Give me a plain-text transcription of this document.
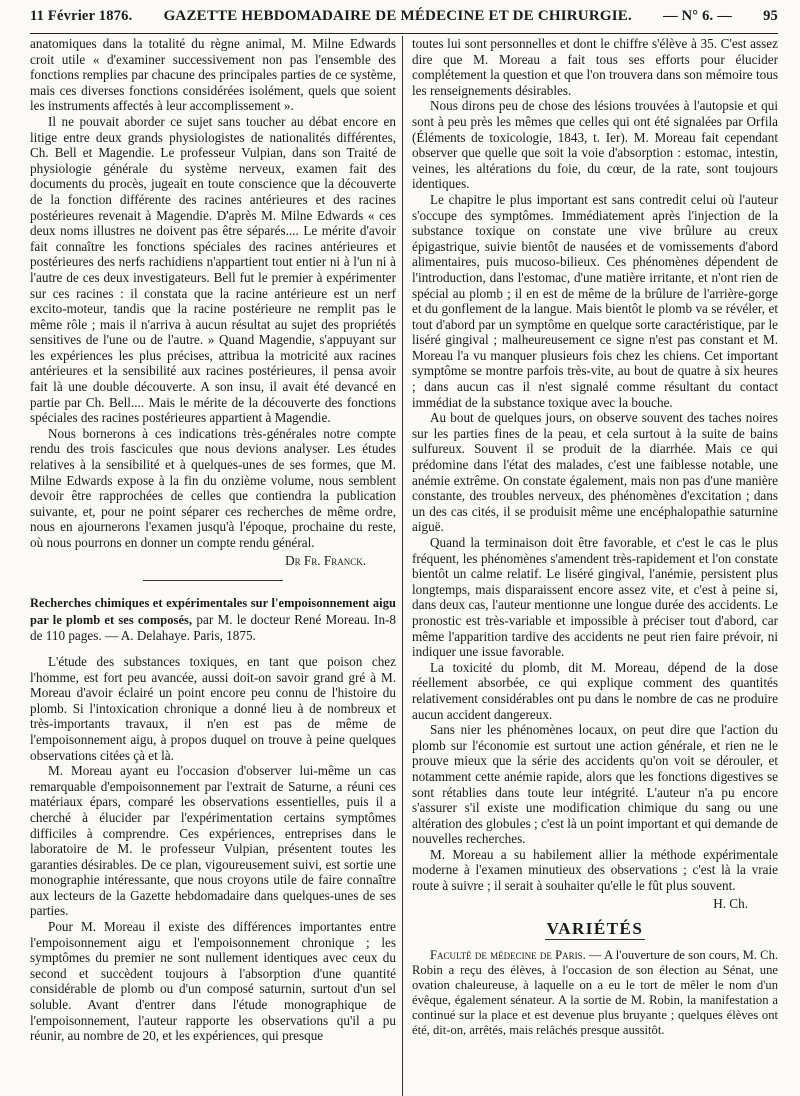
11 Février 1876. GAZETTE HEBDOMADAIRE DE MÉDECINE ET DE CHIRURGIE. — N° 6. — 95

anatomiques dans la totalité du règne animal, M. Milne Edwards croit utile « d'examiner successivement non pas l'ensemble des fonctions remplies par chacune des principales parties de ce système, mais ces diverses fonctions considérées isolément, quels que soient les instruments affectés à leur accomplissement ».

Il ne pouvait aborder ce sujet sans toucher au débat encore en litige entre deux grands physiologistes de nationalités différentes, Ch. Bell et Magendie. Le professeur Vulpian, dans son Traité de physiologie générale du système nerveux, examen fait des documents du procès, jugeait en toute conscience que la découverte de la fonction différente des racines antérieures et des racines postérieures revenait à Magendie. D'après M. Milne Edwards « ces deux noms illustres ne doivent pas être séparés.... Le mérite d'avoir fait connaître les fonctions spéciales des racines antérieures et postérieures des nerfs rachidiens n'appartient tout entier ni à l'un ni à l'autre de ces deux investigateurs. Bell fut le premier à expérimenter sur ces racines : il constata que la racine antérieure est un nerf excito-moteur, tandis que la racine postérieure ne remplit pas le même rôle ; mais il n'arriva à aucun résultat au sujet des propriétés sensitives de l'une ou de l'autre. » Quand Magendie, s'appuyant sur les expériences les plus précises, attribua la motricité aux racines antérieures et la sensibilité aux racines postérieures, il pensa avoir fait là une double découverte. A son insu, il avait été devancé en partie par Ch. Bell.... Mais le mérite de la découverte des fonctions spéciales des racines postérieures appartient à Magendie.

Nous bornerons à ces indications très-générales notre compte rendu des trois fascicules que nous devions analyser. Les études relatives à la sensibilité et à quelques-unes de ses formes, que M. Milne Edwards expose à la fin du onzième volume, nous semblent devoir être rapprochées de celles que contiendra la publication suivante, et, pour ne point séparer ces recherches de même ordre, nous en ajournerons l'examen jusqu'à l'époque, prochaine du reste, où nous pourrons en donner un compte rendu général.

Dr Fr. Franck.

Recherches chimiques et expérimentales sur l'empoisonnement aigu par le plomb et ses composés, par M. le docteur René Moreau. In-8 de 110 pages. — A. Delahaye. Paris, 1875.

L'étude des substances toxiques, en tant que poison chez l'homme, est fort peu avancée, aussi doit-on savoir grand gré à M. Moreau d'avoir éclairé un point encore peu connu de l'histoire du plomb. Si l'intoxication chronique a donné lieu à de nombreux et très-importants travaux, il n'en est pas de même de l'empoisonnement aigu, à propos duquel on trouve à peine quelques observations citées çà et là.

M. Moreau ayant eu l'occasion d'observer lui-même un cas remarquable d'empoisonnement par l'extrait de Saturne, a réuni ces matériaux épars, comparé les observations essentielles, puis il a cherché à élucider par l'expérimentation certains symptômes difficiles à comprendre. Ces expériences, entreprises dans le laboratoire de M. le professeur Vulpian, présentent toutes les garanties désirables. De ce plan, vigoureusement suivi, est sortie une monographie intéressante, que nous croyons utile de faire connaître aux lecteurs de la Gazette hebdomadaire dans quelques-unes de ses parties.

Pour M. Moreau il existe des différences importantes entre l'empoisonnement aigu et l'empoisonnement chronique ; les symptômes du premier ne sont nullement identiques avec ceux du second et succèdent toujours à l'absorption d'une quantité considérable de plomb ou d'un composé saturnin, surtout d'un sel soluble. Avant d'entrer dans l'étude monographique de l'empoisonnement, l'auteur rapporte les observations qu'il a pu réunir, au nombre de 20, et les expériences, qui presque

toutes lui sont personnelles et dont le chiffre s'élève à 35. C'est assez dire que M. Moreau a fait tous ses efforts pour élucider complétement la question et que l'on trouvera dans son mémoire tous les renseignements désirables.

Nous dirons peu de chose des lésions trouvées à l'autopsie et qui sont à peu près les mêmes que celles qui ont été signalées par Orfila (Éléments de toxicologie, 1843, t. Ier). M. Moreau fait cependant observer que quelle que soit la voie d'absorption : estomac, intestin, veines, les altérations du foie, du cœur, de la rate, sont toujours identiques.

Le chapitre le plus important est sans contredit celui où l'auteur s'occupe des symptômes. Immédiatement après l'injection de la substance toxique on constate une vive brûlure au creux épigastrique, suivie bientôt de nausées et de vomissements d'abord alimentaires, puis mucoso-bilieux. Ces phénomènes dépendent de l'introduction, dans l'estomac, d'une matière irritante, et n'ont rien de spécial au plomb ; il en est de même de la brûlure de l'arrière-gorge et du gonflement de la langue. Mais bientôt le plomb va se révéler, et tout d'abord par un symptôme en quelque sorte caractéristique, par le liséré gingival ; malheureusement ce signe n'est pas constant et M. Moreau l'a vu manquer plusieurs fois chez les chiens. Cet important symptôme se montre parfois très-vite, au bout de quatre à six heures ; dans aucun cas il n'est signalé comme résultant du contact immédiat de la substance toxique avec la bouche.

Au bout de quelques jours, on observe souvent des taches noires sur les parties fines de la peau, et cela surtout à la suite de bains sulfureux. Souvent il se produit de la diarrhée. Mais ce qui prédomine dans l'état des malades, c'est une faiblesse notable, une anémie extrême. On constate également, mais non pas d'une manière constante, des troubles nerveux, des phénomènes d'excitation ; dans un des cas cités, il se produisit même une encéphalopathie saturnine aiguë.

Quand la terminaison doit être favorable, et c'est le cas le plus fréquent, les phénomènes s'amendent très-rapidement et l'on constate bientôt un calme relatif. Le liséré gingival, l'anémie, persistent plus longtemps, mais disparaissent encore assez vite, et c'est à peine si, dans deux cas, l'auteur mentionne une longue durée des accidents. Le pronostic est très-variable et impossible à préciser tout d'abord, car même l'apparition tardive des accidents ne peut rien faire prévoir, ni indiquer une issue favorable.

La toxicité du plomb, dit M. Moreau, dépend de la dose réellement absorbée, ce qui explique comment des quantités relativement considérables ont pu dans le nombre de cas ne produire aucun accident dangereux.

Sans nier les phénomènes locaux, on peut dire que l'action du plomb sur l'économie est surtout une action générale, et rien ne le prouve mieux que la série des accidents qu'on voit se dérouler, et notamment cette anémie rapide, alors que les fonctions digestives se sont rétablies dans toute leur intégrité. L'auteur n'a pu encore s'assurer s'il existe une modification chimique du sang ou une altération des globules ; c'est là un point important et qui demande de nouvelles recherches.

M. Moreau a su habilement allier la méthode expérimentale moderne à l'examen minutieux des observations ; c'est là la vraie route à suivre ; il serait à souhaiter qu'elle le fût plus souvent.

H. Ch.

VARIÉTÉS

Faculté de médecine de Paris. — A l'ouverture de son cours, M. Ch. Robin a reçu des élèves, à l'occasion de son élection au Sénat, une ovation chaleureuse, à laquelle on a eu le tort de mêler le nom d'un évêque, également sénateur. A la sortie de M. Robin, la manifestation a continué sur la place et est devenue plus bruyante ; quelques élèves ont été, dit-on, arrêtés, mais relâchés presque aussitôt.
